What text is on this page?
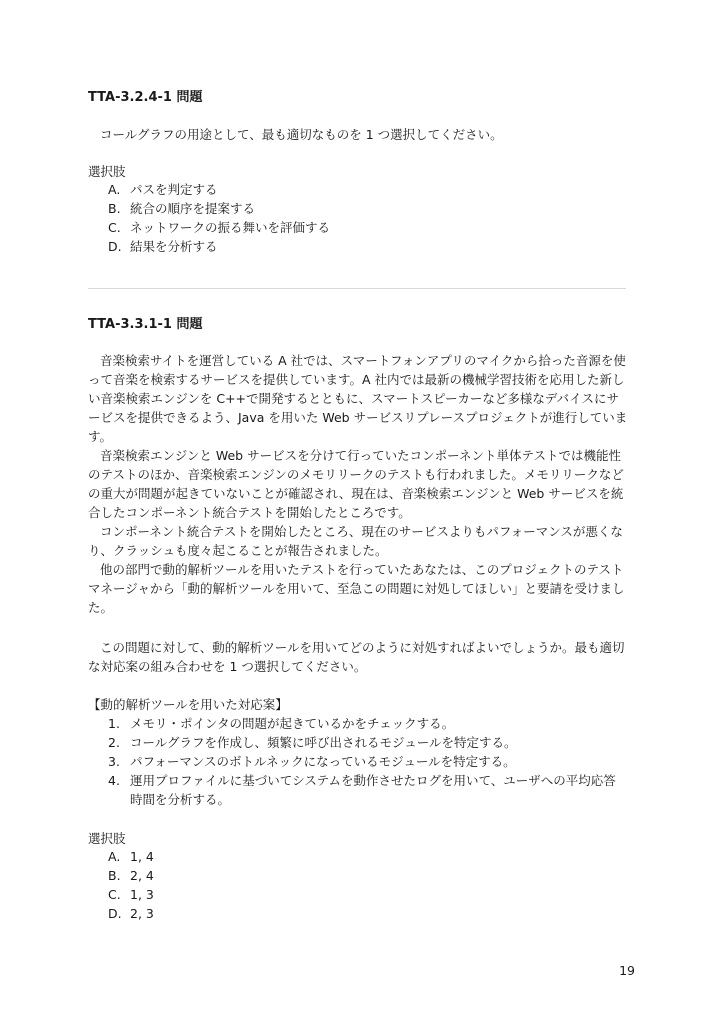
TTA-3.2.4-1 問題

コールグラフの用途として、最も適切なものを 1 つ選択してください。

選択肢
A. パスを判定する
B. 統合の順序を提案する
C. ネットワークの振る舞いを評価する
D. 結果を分析する
TTA-3.3.1-1 問題

音楽検索サイトを運営している A 社では、スマートフォンアプリのマイクから拾った音源を使って音楽を検索するサービスを提供しています。A 社内では最新の機械学習技術を応用した新しい音楽検索エンジンを C++で開発するとともに、スマートスピーカーなど多様なデバイスにサービスを提供できるよう、Java を用いた Web サービスリプレースプロジェクトが進行しています。

音楽検索エンジンと Web サービスを分けて行っていたコンポーネント単体テストでは機能性のテストのほか、音楽検索エンジンのメモリリークのテストも行われました。メモリリークなどの重大が問題が起きていないことが確認され、現在は、音楽検索エンジンと Web サービスを統合したコンポーネント統合テストを開始したところです。

コンポーネント統合テストを開始したところ、現在のサービスよりもパフォーマンスが悪くなり、クラッシュも度々起こることが報告されました。

他の部門で動的解析ツールを用いたテストを行っていたあなたは、このプロジェクトのテストマネージャから「動的解析ツールを用いて、至急この問題に対処してほしい」と要請を受けました。

この問題に対して、動的解析ツールを用いてどのように対処すればよいでしょうか。最も適切な対応案の組み合わせを 1 つ選択してください。

【動的解析ツールを用いた対応案】
1. メモリ・ポインタの問題が起きているかをチェックする。
2. コールグラフを作成し、頻繁に呼び出されるモジュールを特定する。
3. パフォーマンスのボトルネックになっているモジュールを特定する。
4. 運用プロファイルに基づいてシステムを動作させたログを用いて、ユーザへの平均応答時間を分析する。
選択肢
A. 1, 4
B. 2, 4
C. 1, 3
D. 2, 3
19
